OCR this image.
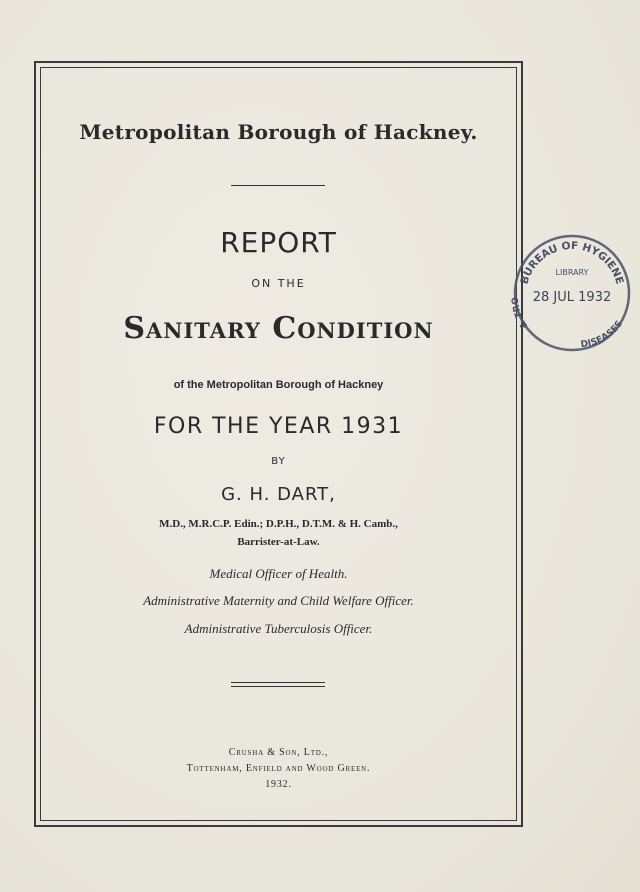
Metropolitan Borough of Hackney.
REPORT
ON THE
Sanitary Condition
of the Metropolitan Borough of Hackney
FOR THE YEAR 1931
BY
G. H. DART,
M.D., M.R.C.P. Edin.; D.P.H., D.T.M. & H. Camb.,
Barrister-at-Law.
Medical Officer of Health.
Administrative Maternity and Child Welfare Officer.
Administrative Tuberculosis Officer.
Crusha & Son, Ltd.,
Tottenham, Enfield and Wood Green.
1932.
BUREAU OF HYGIENE
LIBRARY
28 JUL 1932
& TRO
DISEASES
